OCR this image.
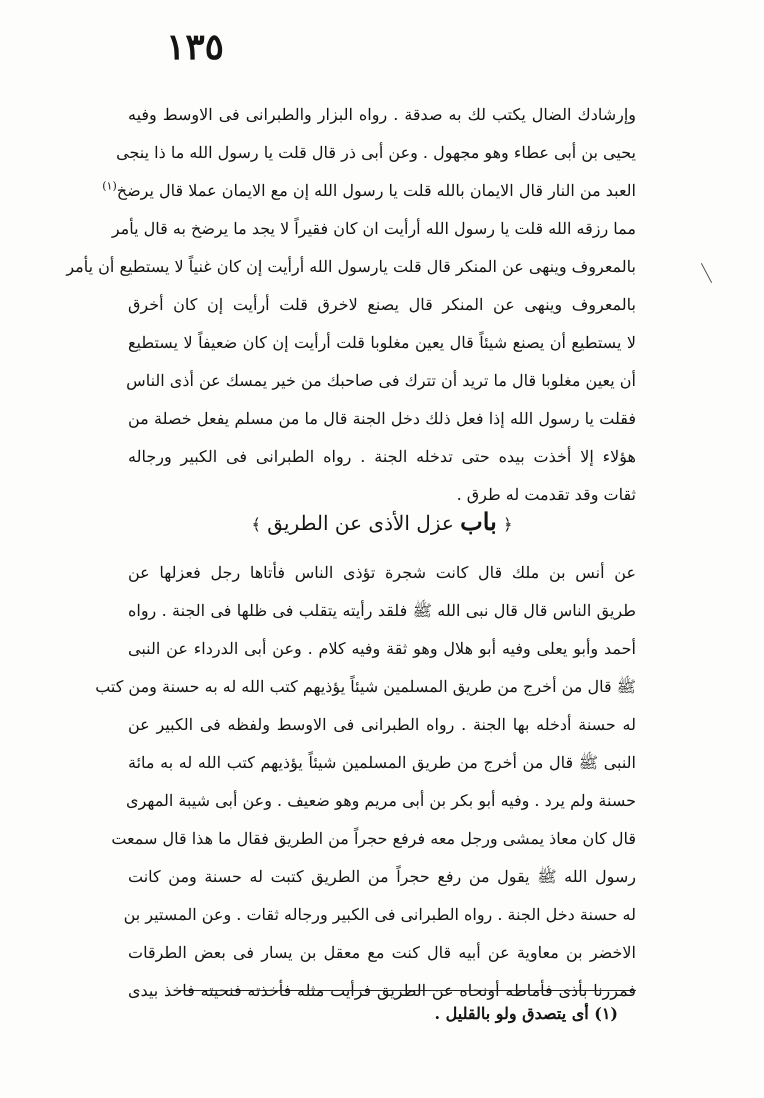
١٣٥
وإرشادك الضال يكتب لك به صدقة . رواه البزار والطبرانى فى الاوسط وفيه
يحيى بن أبى عطاء وهو مجهول . وعن أبى ذر قال قلت يا رسول الله ما ذا ينجى
العبد من النار قال الايمان بالله قلت يا رسول الله إن مع الايمان عملا قال يرضخ$^{(١)}$
مما رزقه الله قلت يا رسول الله أرأيت ان كان فقيراً لا يجد ما يرضخ به قال يأمر
بالمعروف وينهى عن المنكر قال قلت يارسول الله أرأيت إن كان غنياً لا يستطيع أن يأمر
بالمعروف وينهى عن المنكر قال يصنع لاخرق قلت أرأيت إن كان أخرق
لا يستطيع أن يصنع شيئاً قال يعين مغلوبا قلت أرأيت إن كان ضعيفاً لا يستطيع
أن يعين مغلوبا قال ما تريد أن تترك فى صاحبك من خير يمسك عن أذى الناس
فقلت يا رسول الله إذا فعل ذلك دخل الجنة قال ما من مسلم يفعل خصلة من
هؤلاء إلا أخذت بيده حتى تدخله الجنة . رواه الطبرانى فى الكبير ورجاله
ثقات وقد تقدمت له طرق .
﴿ باب عزل الأذى عن الطريق ﴾
عن أنس بن ملك قال كانت شجرة تؤذى الناس فأتاها رجل فعزلها عن
طريق الناس قال قال نبى الله ﷺ فلقد رأيته يتقلب فى ظلها فى الجنة . رواه
أحمد وأبو يعلى وفيه أبو هلال وهو ثقة وفيه كلام . وعن أبى الدرداء عن النبى
ﷺ قال من أخرج من طريق المسلمين شيئاً يؤذيهم كتب الله له به حسنة ومن كتب
له حسنة أدخله بها الجنة . رواه الطبرانى فى الاوسط ولفظه فى الكبير عن
النبى ﷺ قال من أخرج من طريق المسلمين شيئاً يؤذيهم كتب الله له به مائة
حسنة ولم يرد . وفيه أبو بكر بن أبى مريم وهو ضعيف . وعن أبى شيبة المهرى
قال كان معاذ يمشى ورجل معه فرفع حجراً من الطريق فقال ما هذا قال سمعت
رسول الله ﷺ يقول من رفع حجراً من الطريق كتبت له حسنة ومن كانت
له حسنة دخل الجنة . رواه الطبرانى فى الكبير ورجاله ثقات . وعن المستير بن
الاخضر بن معاوية عن أبيه قال كنت مع معقل بن يسار فى بعض الطرقات
فمررنا بأذى فأماطه أونحاه عن الطريق فرأيت مثله فأخذته فنحيته فاخذ بيدى
(١) أى يتصدق ولو بالقليل .
